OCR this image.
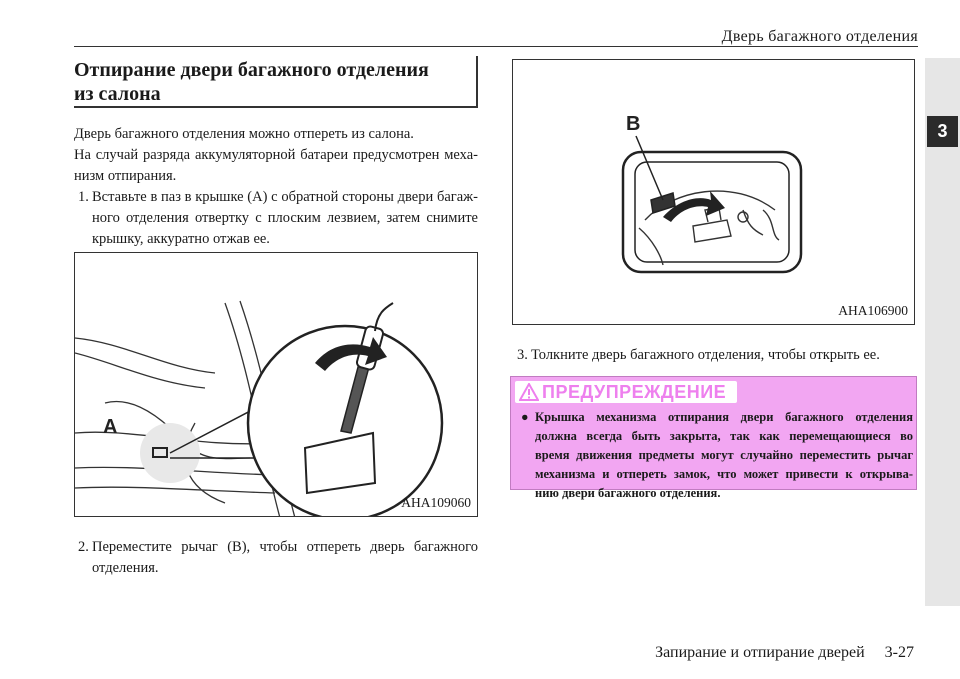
Дверь багажного отделения
3
Отпирание двери багажного отделения
из салона
Дверь багажного отделения можно отпереть из салона.
На случай разряда аккумуляторной батареи предусмотрен меха-
низм отпирания.
1. Вставьте в паз в крышке (A) с обратной стороны двери багаж-
ного отделения отвертку с плоским лезвием, затем снимите
крышку, аккуратно отжав ее.
A
AHA109060
2. Переместите рычаг (B), чтобы отпереть дверь багажного
отделения.
B
AHA106900
3. Толкните дверь багажного отделения, чтобы открыть ее.
ПРЕДУПРЕЖДЕНИЕ
● Крышка механизма отпирания двери багажного отделения
должна всегда быть закрыта, так как перемещающиеся во
время движения предметы могут случайно переместить рычаг
механизма и отпереть замок, что может привести к открыва-
нию двери багажного отделения.
Запирание и отпирание дверей     3-27
